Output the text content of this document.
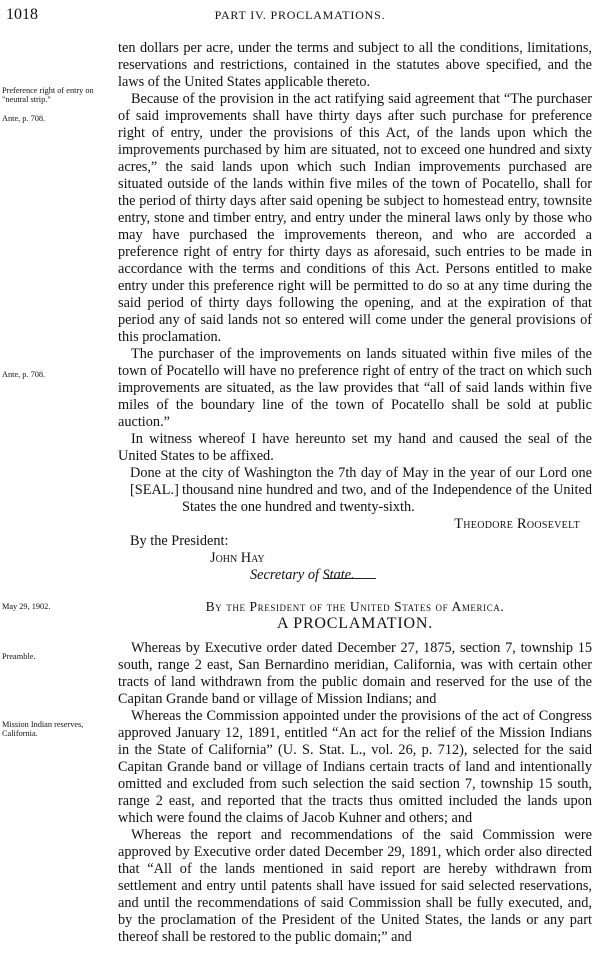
1018	PART IV. PROCLAMATIONS.
Preference right of entry on "neutral strip."
Ante, p. 708.
Ante, p. 708.
May 29, 1902.
Preamble.
Mission Indian reserves, California.

ten dollars per acre, under the terms and subject to all the conditions, limitations, reservations and restrictions, contained in the statutes above specified, and the laws of the United States applicable thereto.

Because of the provision in the act ratifying said agreement that “The purchaser of said improvements shall have thirty days after such purchase for preference right of entry, under the provisions of this Act, of the lands upon which the improvements purchased by him are situated, not to exceed one hundred and sixty acres,” the said lands upon which such Indian improvements purchased are situated outside of the lands within five miles of the town of Pocatello, shall for the period of thirty days after said opening be subject to homestead entry, townsite entry, stone and timber entry, and entry under the mineral laws only by those who may have purchased the improvements thereon, and who are accorded a preference right of entry for thirty days as aforesaid, such entries to be made in accordance with the terms and conditions of this Act. Persons entitled to make entry under this preference right will be permitted to do so at any time during the said period of thirty days following the opening, and at the expiration of that period any of said lands not so entered will come under the general provisions of this proclamation.

The purchaser of the improvements on lands situated within five miles of the town of Pocatello will have no preference right of entry of the tract on which such improvements are situated, as the law provides that “all of said lands within five miles of the boundary line of the town of Pocatello shall be sold at public auction.”

In witness whereof I have hereunto set my hand and caused the seal of the United States to be affixed.

[SEAL.]

Done at the city of Washington the 7th day of May in the year of our Lord one thousand nine hundred and two, and of the Independence of the United States the one hundred and twenty-sixth.

Theodore Roosevelt

By the President:

John Hay

Secretary of State.

By the President of the United States of America.

A PROCLAMATION.

Whereas by Executive order dated December 27, 1875, section 7, township 15 south, range 2 east, San Bernardino meridian, California, was with certain other tracts of land withdrawn from the public domain and reserved for the use of the Capitan Grande band or village of Mission Indians; and

Whereas the Commission appointed under the provisions of the act of Congress approved January 12, 1891, entitled “An act for the relief of the Mission Indians in the State of California” (U. S. Stat. L., vol. 26, p. 712), selected for the said Capitan Grande band or village of Indians certain tracts of land and intentionally omitted and excluded from such selection the said section 7, township 15 south, range 2 east, and reported that the tracts thus omitted included the lands upon which were found the claims of Jacob Kuhner and others; and

Whereas the report and recommendations of the said Commission were approved by Executive order dated December 29, 1891, which order also directed that “All of the lands mentioned in said report are hereby withdrawn from settlement and entry until patents shall have issued for said selected reservations, and until the recommendations of said Commission shall be fully executed, and, by the proclamation of the President of the United States, the lands or any part thereof shall be restored to the public domain;” and
